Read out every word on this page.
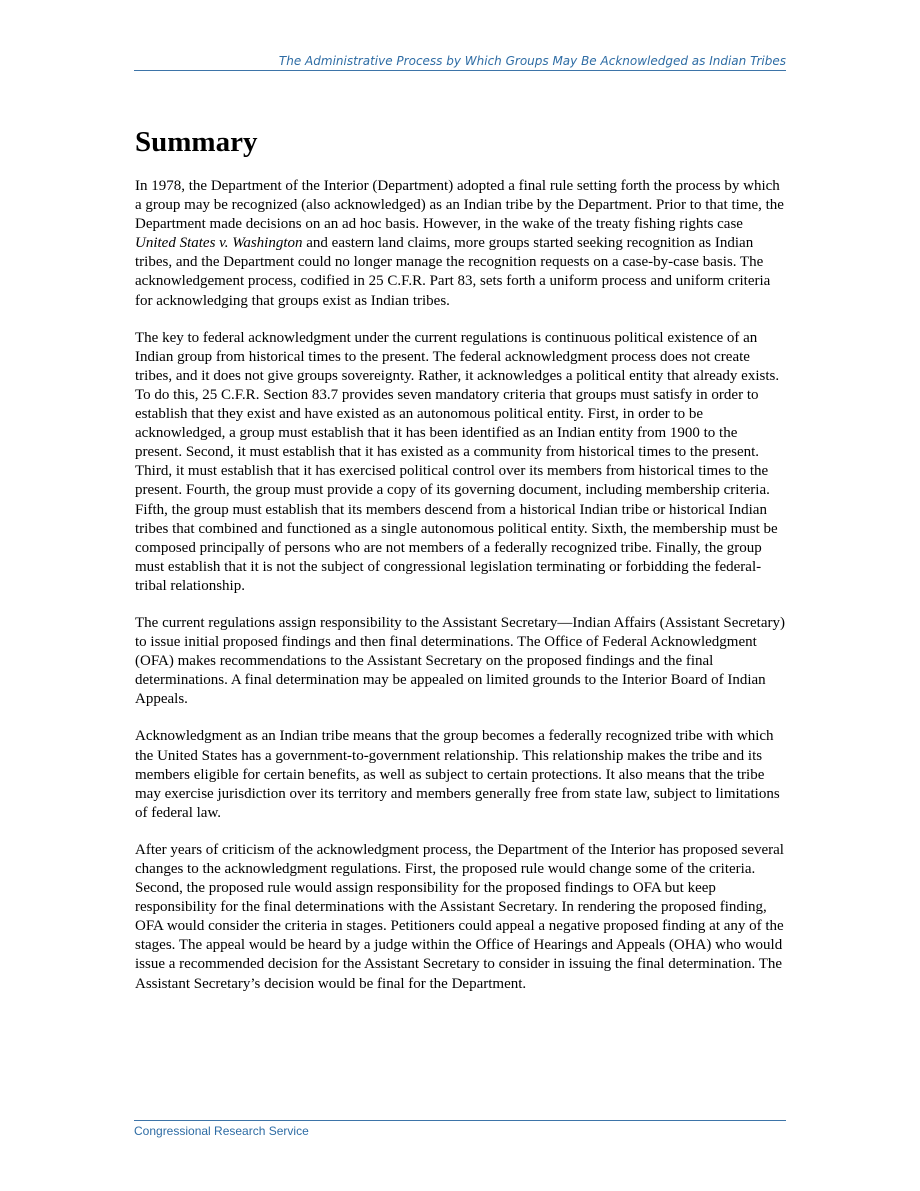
The Administrative Process by Which Groups May Be Acknowledged as Indian Tribes
Summary

In 1978, the Department of the Interior (Department) adopted a final rule setting forth the process by which a group may be recognized (also acknowledged) as an Indian tribe by the Department. Prior to that time, the Department made decisions on an ad hoc basis. However, in the wake of the treaty fishing rights case United States v. Washington and eastern land claims, more groups started seeking recognition as Indian tribes, and the Department could no longer manage the recognition requests on a case-by-case basis. The acknowledgement process, codified in 25 C.F.R. Part 83, sets forth a uniform process and uniform criteria for acknowledging that groups exist as Indian tribes.

The key to federal acknowledgment under the current regulations is continuous political existence of an Indian group from historical times to the present. The federal acknowledgment process does not create tribes, and it does not give groups sovereignty. Rather, it acknowledges a political entity that already exists. To do this, 25 C.F.R. Section 83.7 provides seven mandatory criteria that groups must satisfy in order to establish that they exist and have existed as an autonomous political entity. First, in order to be acknowledged, a group must establish that it has been identified as an Indian entity from 1900 to the present. Second, it must establish that it has existed as a community from historical times to the present. Third, it must establish that it has exercised political control over its members from historical times to the present. Fourth, the group must provide a copy of its governing document, including membership criteria. Fifth, the group must establish that its members descend from a historical Indian tribe or historical Indian tribes that combined and functioned as a single autonomous political entity. Sixth, the membership must be composed principally of persons who are not members of a federally recognized tribe. Finally, the group must establish that it is not the subject of congressional legislation terminating or forbidding the federal-tribal relationship.

The current regulations assign responsibility to the Assistant Secretary—Indian Affairs (Assistant Secretary) to issue initial proposed findings and then final determinations. The Office of Federal Acknowledgment (OFA) makes recommendations to the Assistant Secretary on the proposed findings and the final determinations. A final determination may be appealed on limited grounds to the Interior Board of Indian Appeals.

Acknowledgment as an Indian tribe means that the group becomes a federally recognized tribe with which the United States has a government-to-government relationship. This relationship makes the tribe and its members eligible for certain benefits, as well as subject to certain protections. It also means that the tribe may exercise jurisdiction over its territory and members generally free from state law, subject to limitations of federal law.

After years of criticism of the acknowledgment process, the Department of the Interior has proposed several changes to the acknowledgment regulations. First, the proposed rule would change some of the criteria. Second, the proposed rule would assign responsibility for the proposed findings to OFA but keep responsibility for the final determinations with the Assistant Secretary. In rendering the proposed finding, OFA would consider the criteria in stages. Petitioners could appeal a negative proposed finding at any of the stages. The appeal would be heard by a judge within the Office of Hearings and Appeals (OHA) who would issue a recommended decision for the Assistant Secretary to consider in issuing the final determination. The Assistant Secretary’s decision would be final for the Department.

Congressional Research Service
